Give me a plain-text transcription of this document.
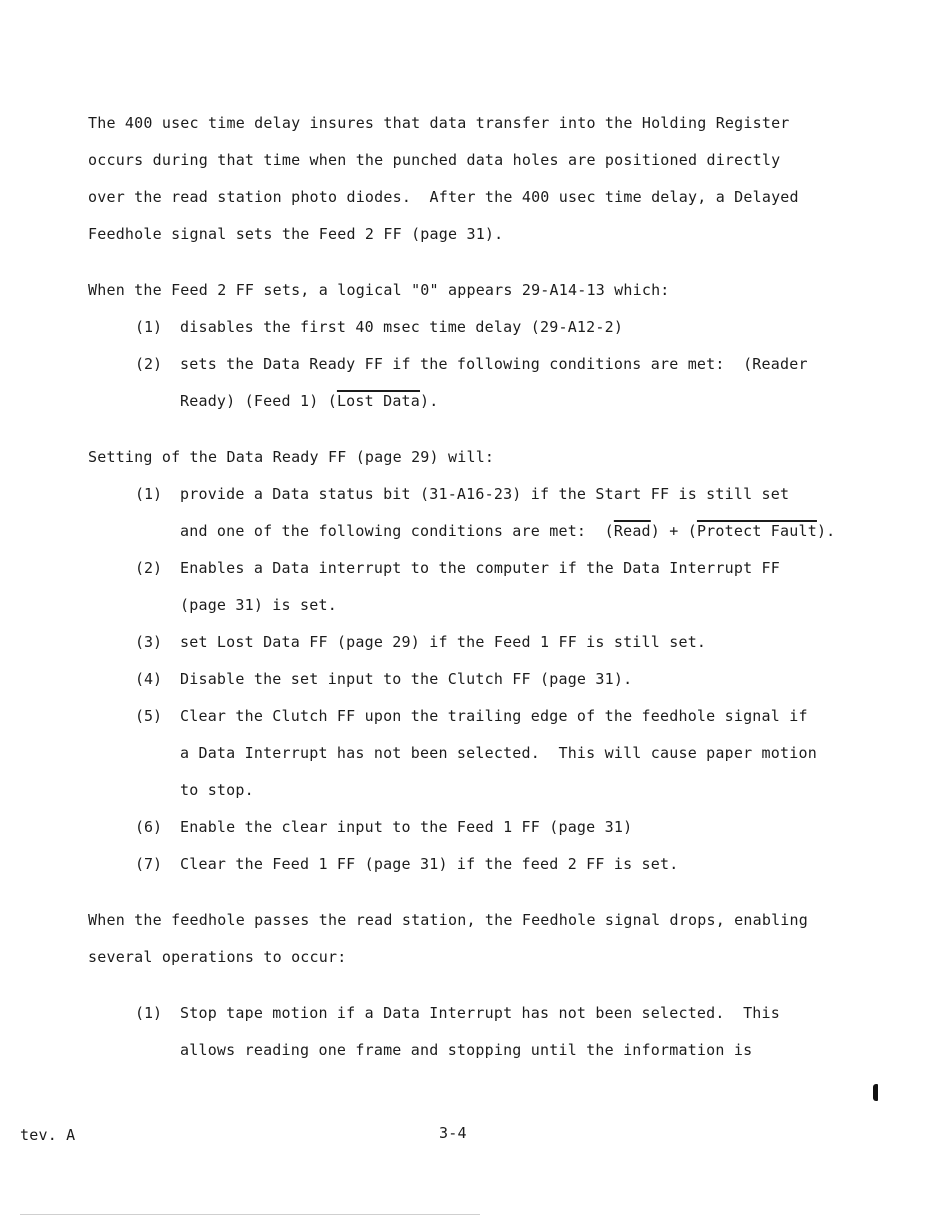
The 400 usec time delay insures that data transfer into the Holding Register
occurs during that time when the punched data holes are positioned directly
over the read station photo diodes.  After the 400 usec time delay, a Delayed
Feedhole signal sets the Feed 2 FF (page 31).
When the Feed 2 FF sets, a logical "0" appears 29-A14-13 which:
(1) disables the first 40 msec time delay (29-A12-2)
(2) sets the Data Ready FF if the following conditions are met:  (Reader
Ready) (Feed 1) (Lost Data).
Setting of the Data Ready FF (page 29) will:
(1) provide a Data status bit (31-A16-23) if the Start FF is still set
and one of the following conditions are met:  (Read) + (Protect Fault).
(2) Enables a Data interrupt to the computer if the Data Interrupt FF
(page 31) is set.
(3) set Lost Data FF (page 29) if the Feed 1 FF is still set.
(4) Disable the set input to the Clutch FF (page 31).
(5) Clear the Clutch FF upon the trailing edge of the feedhole signal if
a Data Interrupt has not been selected.  This will cause paper motion
to stop.
(6) Enable the clear input to the Feed 1 FF (page 31)
(7) Clear the Feed 1 FF (page 31) if the feed 2 FF is set.
When the feedhole passes the read station, the Feedhole signal drops, enabling
several operations to occur:
(1) Stop tape motion if a Data Interrupt has not been selected.  This
allows reading one frame and stopping until the information is
tev. A	3-4
